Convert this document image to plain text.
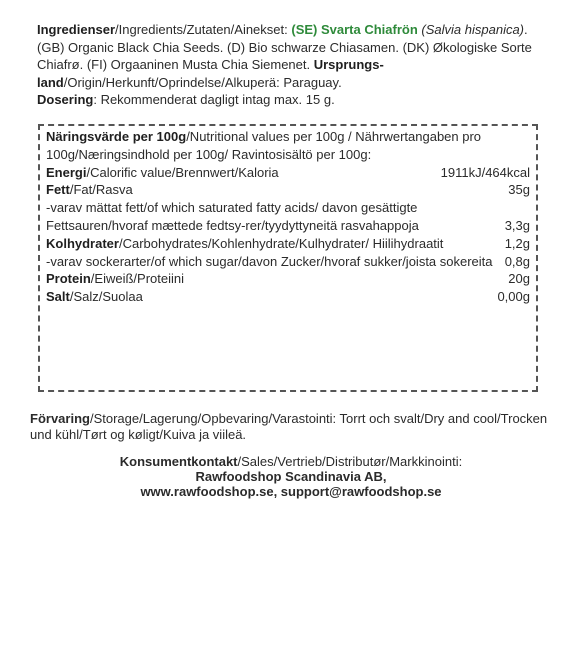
Ingredienser/Ingredients/Zutaten/Ainekset: (SE) Svarta Chiafrön (Salvia hispanica). (GB) Organic Black Chia Seeds. (D) Bio schwarze Chiasamen. (DK) Økologiske Sorte Chiafrø. (FI) Orgaaninen Musta Chia Siemenet. Ursprungs-land/Origin/Herkunft/Oprindelse/Alkuperä: Paraguay.
Dosering: Rekommenderat dagligt intag max. 15 g.
Näringsvärde per 100g/Nutritional values per 100g / Nährwertangaben pro 100g/Næringsindhold per 100g/ Ravintosisältö per 100g:
Energi/Calorific value/Brennwert/Kaloria	1911kJ/464kcal
Fett/Fat/Rasva	35g
-varav mättat fett/of which saturated fatty acids/ davon gesättigte Fettsauren/hvoraf mættede fedtsy-rer/tyydyttyneitä rasvahappoja	3,3g
Kolhydrater/Carbohydrates/Kohlenhydrate/Kulhydrater/ Hiilihydraatit	1,2g
-varav sockerarter/of which sugar/davon Zucker/hvoraf sukker/joista sokereita 0,8g
Protein/Eiweiß/Proteiini	20g
Salt/Salz/Suolaa	0,00g
Förvaring/Storage/Lagerung/Opbevaring/Varastointi: Torrt och svalt/Dry and cool/Trocken und kühl/Tørt og køligt/Kuiva ja viileä.
Konsumentkontakt/Sales/Vertrieb/Distributør/Markkinointi:
Rawfoodshop Scandinavia AB,
www.rawfoodshop.se, support@rawfoodshop.se
